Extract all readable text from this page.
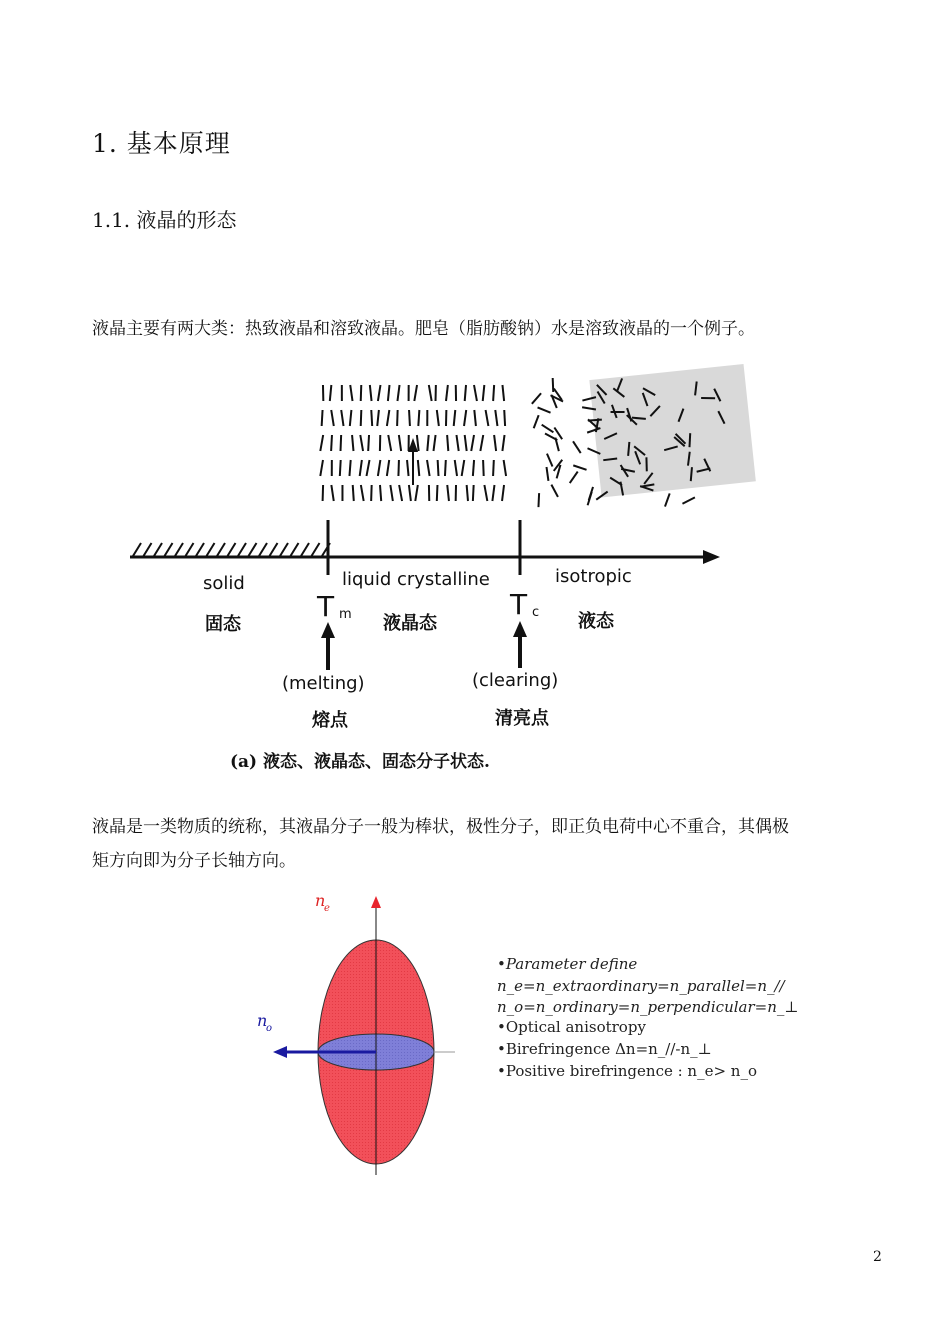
1. 基本原理
1.1. 液晶的形态
液晶主要有两大类：热致液晶和溶致液晶。肥皂（脂肪酸钠）水是溶致液晶的一个例子。
solid	liquid crystalline	isotropic
固态	液晶态	液态
T m	T c
(melting)	(clearing)
熔点	清亮点
(a) 液态、液晶态、固态分子状态.
液晶是一类物质的统称，其液晶分子一般为棒状，极性分子，即正负电荷中心不重合，其偶极
矩方向即为分子长轴方向。
n
e
n
o
•Parameter define
n_e=n_extraordinary=n_parallel=n_//
n_o=n_ordinary=n_perpendicular=n_⊥
•Optical anisotropy
•Birefringence Δn=n_//-n_⊥
•Positive birefringence : n_e> n_o
2
